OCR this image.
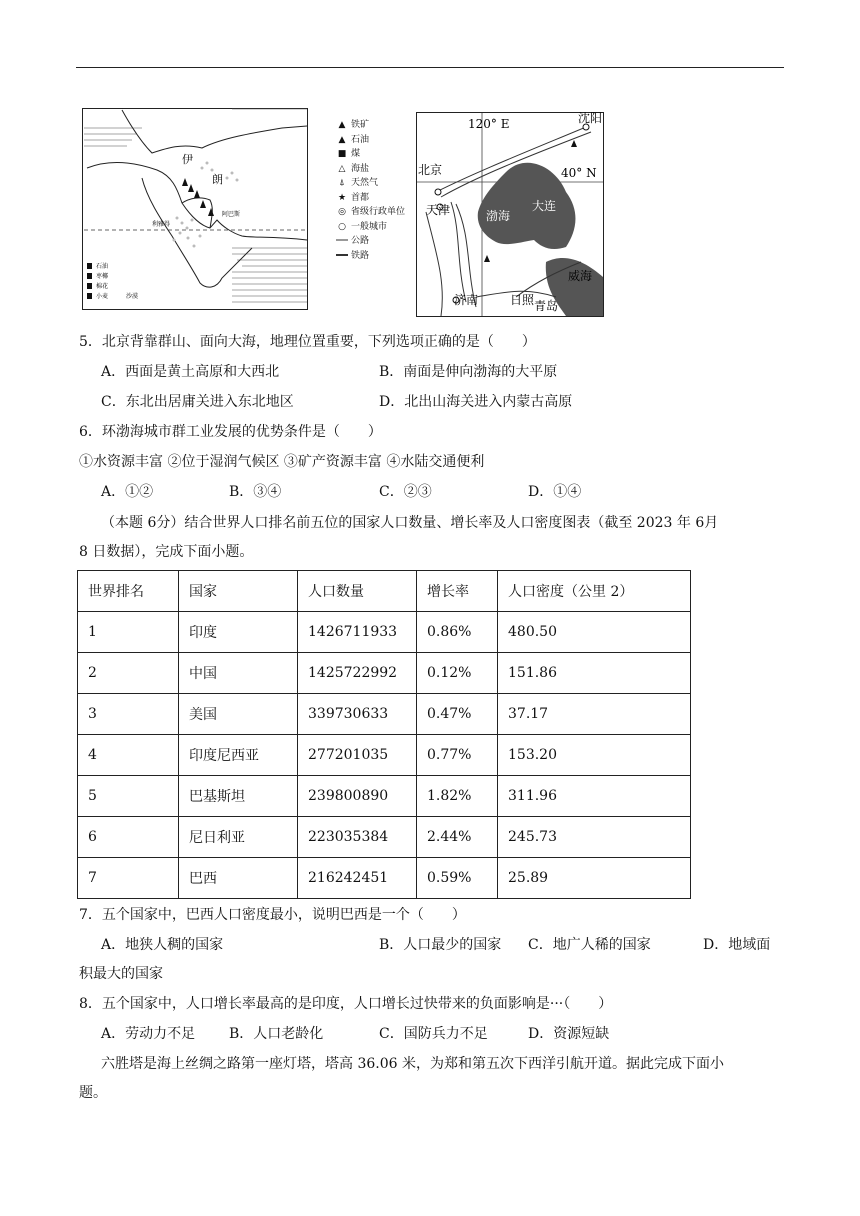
伊
朗
利雅得
阿巴斯
石油
枣椰
棉花
小麦	沙漠
▲ 铁矿
▲ 石油
■ 煤
△ 海盐
⍋ 天然气
★ 首都
◎ 省级行政单位
○ 一般城市
公路
铁路
120° E
40° N
沈阳
北京
天津	大连
渤海
威海
济南	青岛
日照
5．北京背靠群山、面向大海，地理位置重要，下列选项正确的是（　　）
A．西面是黄土高原和大西北	B．南面是伸向渤海的大平原
C．东北出居庸关进入东北地区	D．北出山海关进入内蒙古高原
6．环渤海城市群工业发展的优势条件是（　　）
①水资源丰富 ②位于湿润气候区 ③矿产资源丰富 ④水陆交通便利
A．①②	B．③④	C．②③	D．①④
（本题 6分）结合世界人口排名前五位的国家人口数量、增长率及人口密度图表（截至 2023 年 6月
8 日数据），完成下面小题。
世界排名	国家	人口数量	增长率	人口密度（公里 2）
1	印度	1426711933	0.86%	480.50
2	中国	1425722992	0.12%	151.86
3	美国	339730633	0.47%	37.17
4	印度尼西亚	277201035	0.77%	153.20
5	巴基斯坦	239800890	1.82%	311.96
6	尼日利亚	223035384	2.44%	245.73
7	巴西	216242451	0.59%	25.89
7．五个国家中，巴西人口密度最小，说明巴西是一个（　　）
A．地狭人稠的国家	B．人口最少的国家 C．地广人稀的国家	D．地域面
积最大的国家
8．五个国家中，人口增长率最高的是印度，人口增长过快带来的负面影响是···（　　）
A．劳动力不足 B．人口老龄化	C．国防兵力不足	D．资源短缺
六胜塔是海上丝绸之路第一座灯塔，塔高 36.06 米，为郑和第五次下西洋引航开道。据此完成下面小
题。
